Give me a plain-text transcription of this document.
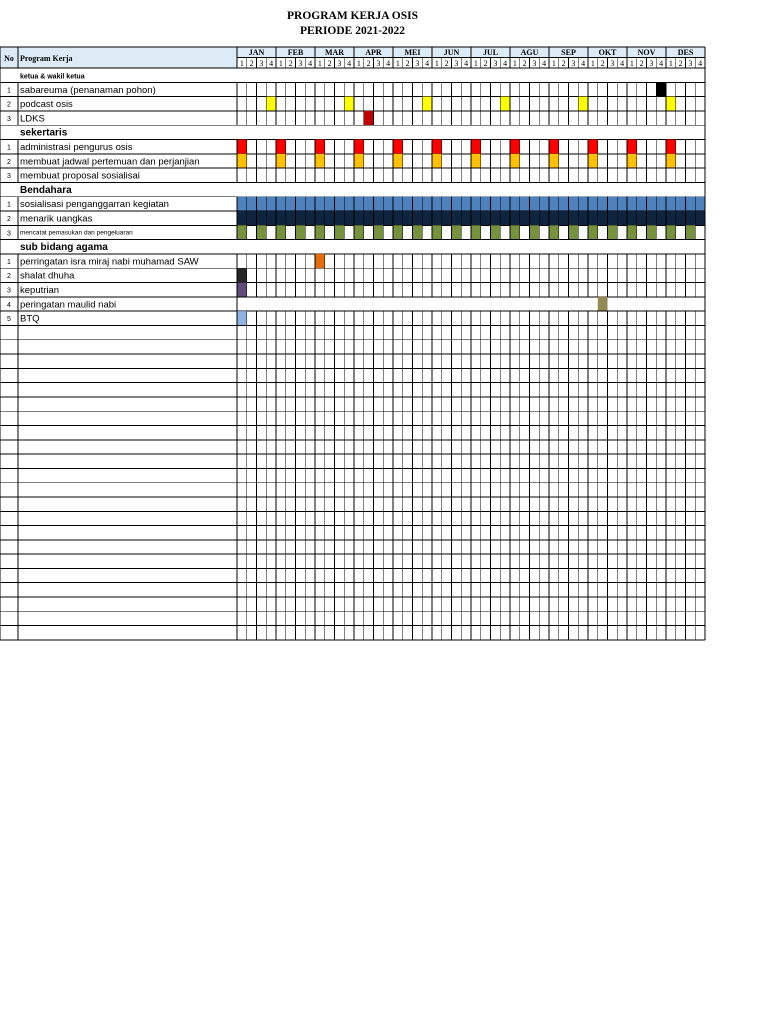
PROGRAM KERJA OSIS
PERIODE 2021-2022
No Program Kerja
JAN	FEB	MAR	APR	MEI	JUN	JUL	AGU	SEP	OKT	NOV	DES
1 2 3 4 1 2 3 4 1 2 3 4 1 2 3 4 1 2 3 4 1 2 3 4 1 2 3 4 1 2 3 4 1 2 3 4 1 2 3 4 1 2 3 4 1 2 3 4
ketua & wakil ketua
1 sabareuma (penanaman pohon)
2 podcast osis
3 LDKS
sekertaris
1 administrasi pengurus osis
2 membuat jadwal pertemuan dan perjanjian
3 membuat proposal sosialisai
Bendahara
1 sosialisasi penganggarran kegiatan
2 menarik uangkas
3 mencatat pemasukan dan pengeluaran
sub bidang agama
1 perringatan isra miraj nabi muhamad SAW
2 shalat dhuha
3 keputrian
4 peringatan maulid nabi
5 BTQ
